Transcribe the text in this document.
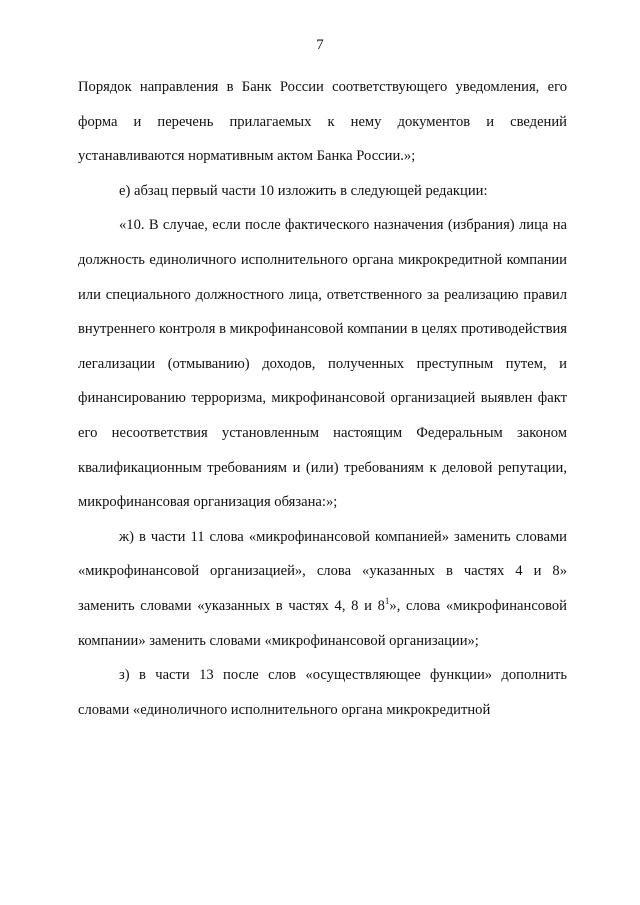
7

Порядок направления в Банк России соответствующего уведомления, его форма и перечень прилагаемых к нему документов и сведений устанавливаются нормативным актом Банка России.»;

е) абзац первый части 10 изложить в следующей редакции:

«10. В случае, если после фактического назначения (избрания) лица на должность единоличного исполнительного органа микрокредитной компании или специального должностного лица, ответственного за реализацию правил внутреннего контроля в микрофинансовой компании в целях противодействия легализации (отмыванию) доходов, полученных преступным путем, и финансированию терроризма, микрофинансовой организацией выявлен факт его несоответствия установленным настоящим Федеральным законом квалификационным требованиям и (или) требованиям к деловой репутации, микрофинансовая организация обязана:»;

ж) в части 11 слова «микрофинансовой компанией» заменить словами «микрофинансовой организацией», слова «указанных в частях 4 и 8» заменить словами «указанных в частях 4, 8 и $8^1$», слова «микрофинансовой компании» заменить словами «микрофинансовой организации»;

з) в части 13 после слов «осуществляющее функции» дополнить словами «единоличного исполнительного органа микрокредитной
